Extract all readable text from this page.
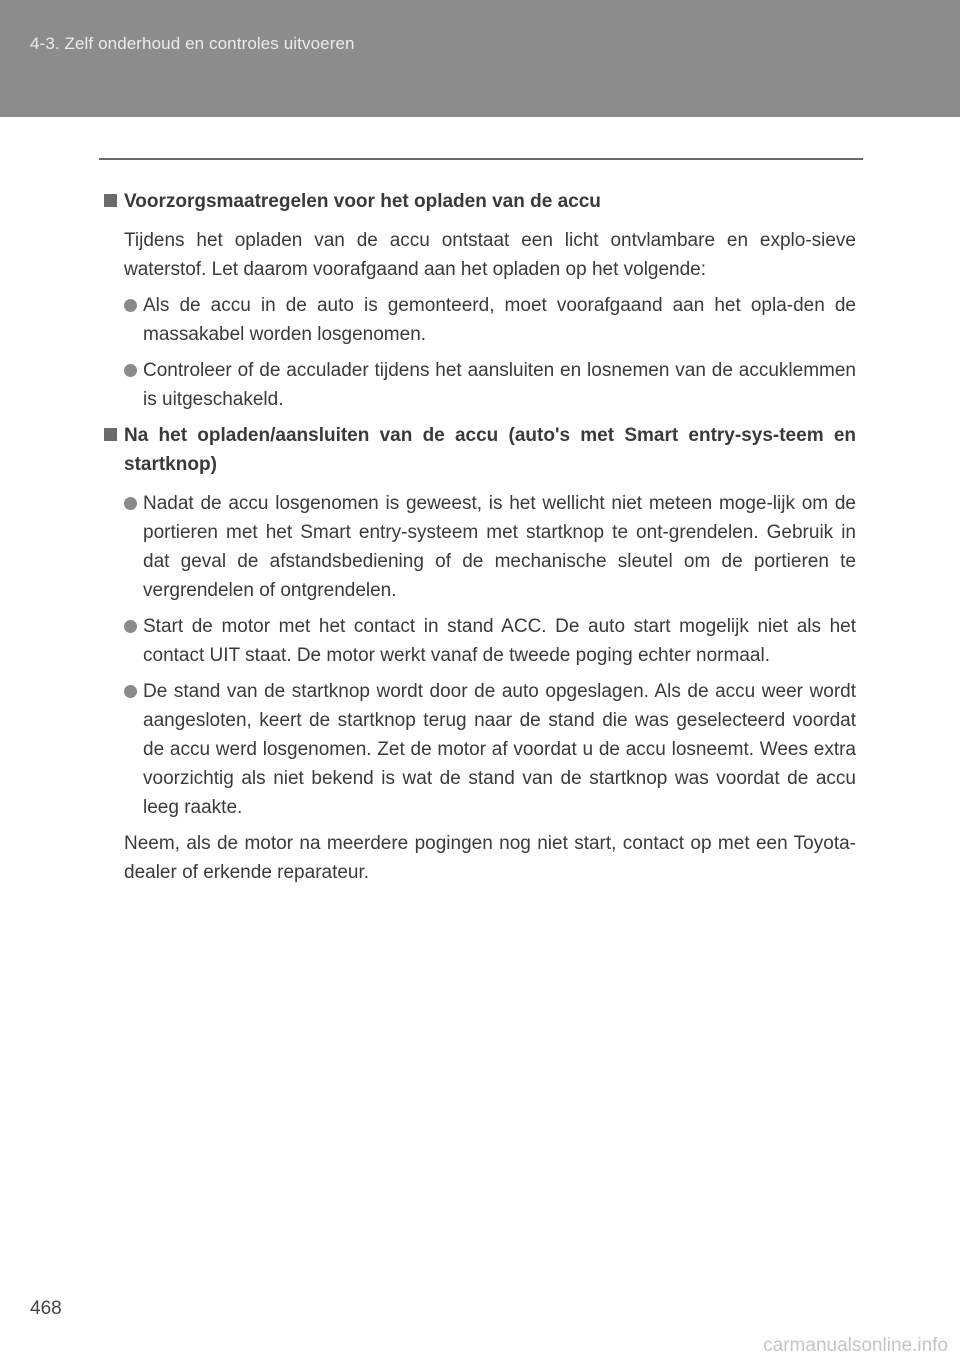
4-3. Zelf onderhoud en controles uitvoeren
Voorzorgsmaatregelen voor het opladen van de accu
Tijdens het opladen van de accu ontstaat een licht ontvlambare en explo-sieve waterstof. Let daarom voorafgaand aan het opladen op het volgende:
Als de accu in de auto is gemonteerd, moet voorafgaand aan het opla-den de massakabel worden losgenomen.
Controleer of de acculader tijdens het aansluiten en losnemen van de accuklemmen is uitgeschakeld.
Na het opladen/aansluiten van de accu (auto's met Smart entry-sys-teem en startknop)
Nadat de accu losgenomen is geweest, is het wellicht niet meteen moge-lijk om de portieren met het Smart entry-systeem met startknop te ont-grendelen. Gebruik in dat geval de afstandsbediening of de mechanische sleutel om de portieren te vergrendelen of ontgrendelen.
Start de motor met het contact in stand ACC. De auto start mogelijk niet als het contact UIT staat. De motor werkt vanaf de tweede poging echter normaal.
De stand van de startknop wordt door de auto opgeslagen. Als de accu weer wordt aangesloten, keert de startknop terug naar de stand die was geselecteerd voordat de accu werd losgenomen. Zet de motor af voordat u de accu losneemt. Wees extra voorzichtig als niet bekend is wat de stand van de startknop was voordat de accu leeg raakte.
Neem, als de motor na meerdere pogingen nog niet start, contact op met een Toyota-dealer of erkende reparateur.
468
carmanualsonline.info
